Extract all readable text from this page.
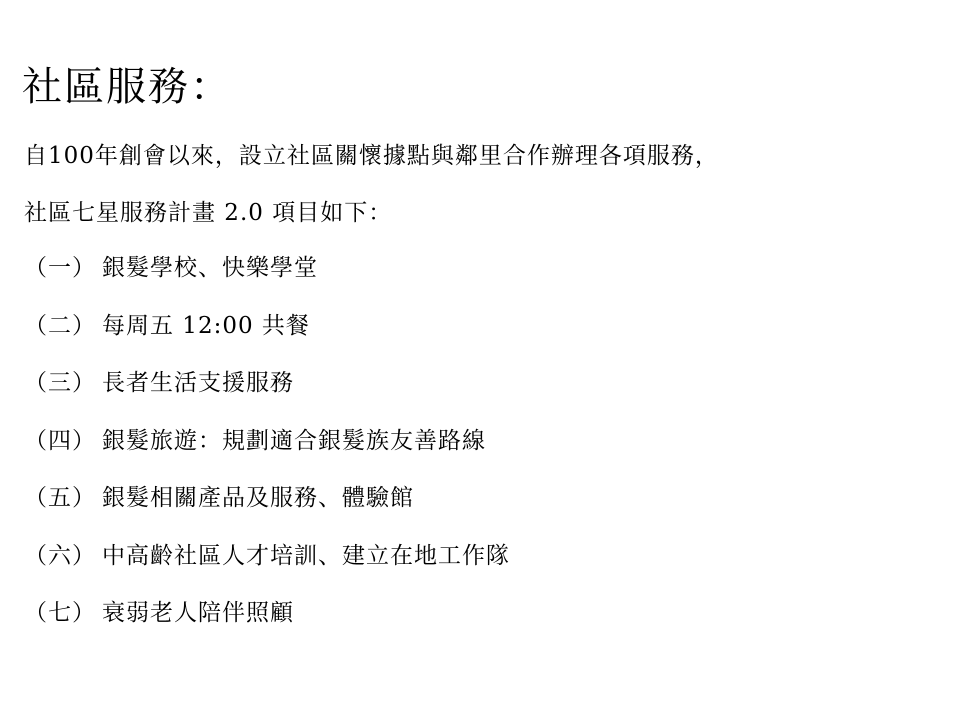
社區服務：
自100年創會以來，設立社區關懷據點與鄰里合作辦理各項服務，
社區七星服務計畫 2.0 項目如下：
（一） 銀髮學校、快樂學堂
（二） 每周五 12:00 共餐
（三） 長者生活支援服務
（四） 銀髮旅遊：規劃適合銀髮族友善路線
（五） 銀髮相關產品及服務、體驗館
（六） 中高齡社區人才培訓、建立在地工作隊
（七） 衰弱老人陪伴照顧
